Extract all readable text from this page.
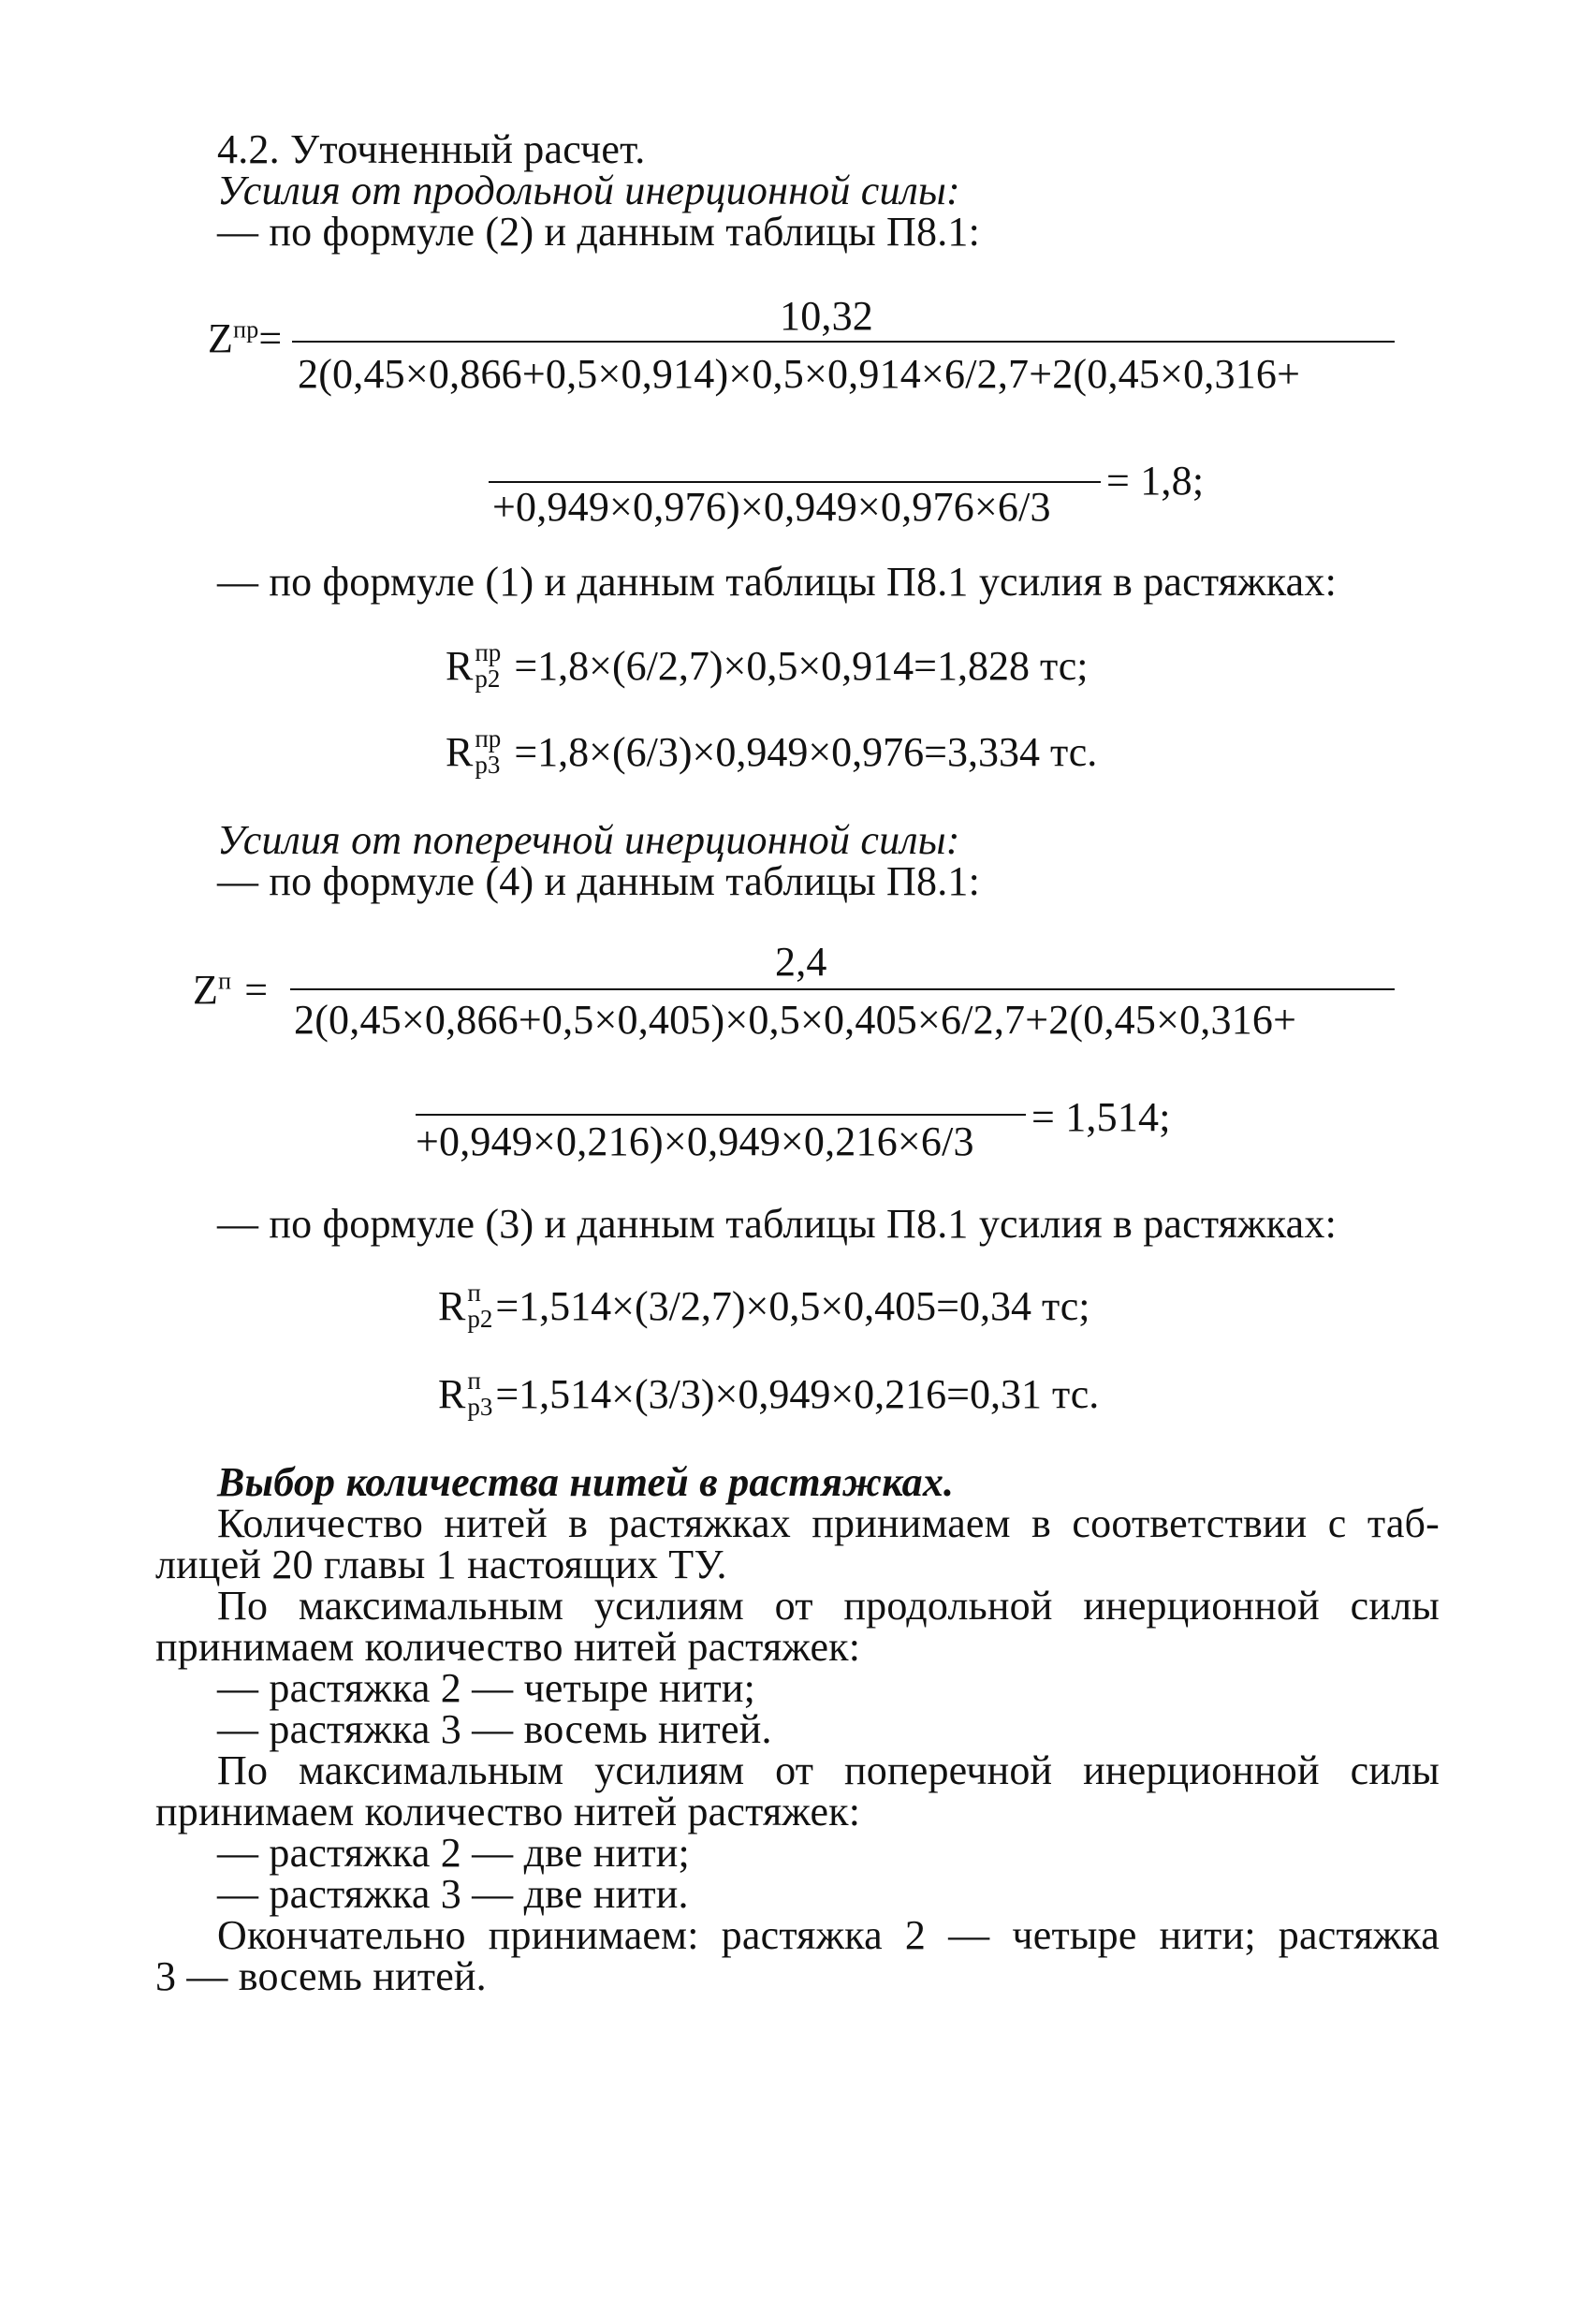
4.2. Уточненный расчет.
Усилия от продольной инерционной силы:
— по формуле (2) и данным таблицы П8.1:
$Z^{пр}=$	10,32
2(0,45×0,866+0,5×0,914)×0,5×0,914×6/2,7+2(0,45×0,316+
+0,949×0,976)×0,949×0,976×6/3
= 1,8;
— по формуле (1) и данным таблицы П8.1 усилия в растяжках:
R пр
р2 =1,8×(6/2,7)×0,5×0,914=1,828 тс;
R пр
р3 =1,8×(6/3)×0,949×0,976=3,334 тс.
Усилия от поперечной инерционной силы:
— по формуле (4) и данным таблицы П8.1:
$Z^п$ =
2,4
2(0,45×0,866+0,5×0,405)×0,5×0,405×6/2,7+2(0,45×0,316+
+0,949×0,216)×0,949×0,216×6/3
= 1,514;
— по формуле (3) и данным таблицы П8.1 усилия в растяжках:
R п
р2 =1,514×(3/2,7)×0,5×0,405=0,34 тс;
R п
р3 =1,514×(3/3)×0,949×0,216=0,31 тс.
Выбор количества нитей в растяжках.
Количество нитей в растяжках принимаем в соответствии с таб-
лицей 20 главы 1 настоящих ТУ.
По максимальным усилиям от продольной инерционной силы
принимаем количество нитей растяжек:
— растяжка 2 — четыре нити;
— растяжка 3 — восемь нитей.
По максимальным усилиям от поперечной инерционной силы
принимаем количество нитей растяжек:
— растяжка 2 — две нити;
— растяжка 3 — две нити.
Окончательно принимаем: растяжка 2 — четыре нити; растяжка
3 — восемь нитей.
